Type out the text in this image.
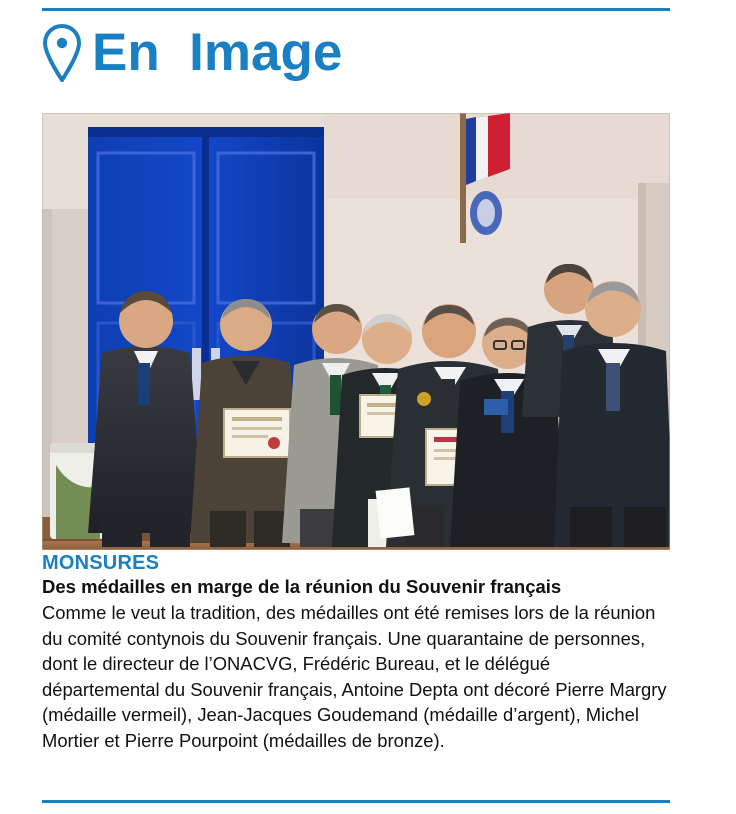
En  Image
MONSURES
Des médailles en marge de la réunion du Souvenir français

Comme le veut la tradition, des médailles ont été remises lors de la réunion du comité contynois du Souvenir français. Une quarantaine de personnes, dont le directeur de l’ONACVG, Frédéric Bureau, et le délégué départemental du Souvenir français, Antoine Depta ont décoré Pierre Margry (médaille vermeil), Jean-Jacques Goudemand (médaille d’argent), Michel Mortier et Pierre Pourpoint (médailles de bronze).
